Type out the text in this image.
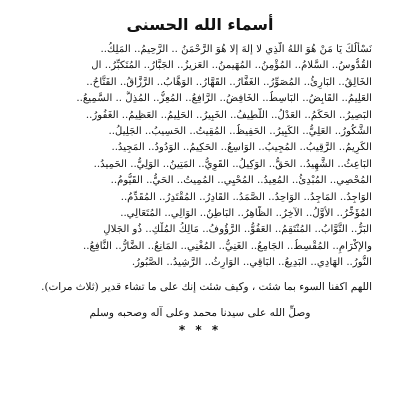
أسماء الله الحسنى
نَسْأَلُكَ يَا مَنْ هُوَ اللهُ الَّذِي لا إلهَ إلا هُوَ الرَّحْمَنُ .. الرَّحِيمُ.. المَلِكُ..
القُدُّوسُ.. السَّلامُ.. المُؤْمِنُ.. المُهَيمنُ.. العَزيزُ.. الجَبَّارُ.. المُتَكبِّرُ.. ال
الخَالِقُ.. البَارِئُ.. المُصَوِّرُ.. الغَفَّارُ.. القَهَّارُ.. الوَهَّابُ.. الرَّزَّاقُ.. الفَتَّاحُ..
العَلِيمُ.. القَابِضُ.. البَاسِطُ.. الخَافِضُ.. الرَّافِعُ.. المُعِزُّ.. المُذِلُّ .. السَّمِيعُ..
البَصِيرُ.. الحَكَمُ.. العَدْلُ.. اللَّطِيفُ.. الخَبِيرُ.. الحَلِيمُ.. العَظِيمُ.. الغَفُورُ..
الشَّكُورُ.. العَلِيُّ.. الكَبِيرُ.. الحَفِيظُ.. المُقِيتُ.. الحَسِيبُ.. الجَلِيلُ..
الكَرِيمُ.. الرَّقِيبُ.. المُجِيبُ.. الوَاسِعُ.. الحَكِيمُ.. الوَدُودُ.. المَجِيدُ..
البَاعِثُ.. الشَّهِيدُ.. الحَقُّ.. الوَكِيلُ.. القَوِيُّ.. المَتِينُ.. الوَلِيُّ.. الحَمِيدُ..
المُحْصِي.. المُبْدِئُ.. المُعِيدُ.. المُحْيِي.. المُمِيتُ.. الحَيُّ.. القَيُّومُ..
الوَاجِدُ.. المَاجِدُ.. الوَاحِدُ.. الصَّمَدُ.. القَادِرُ.. المُقْتَدِرُ.. المُقَدِّمُ..
المُؤَخِّرُ.. الأَوَّلُ.. الآخِرُ.. الظَّاهِرُ.. البَاطِنُ.. الوَالِي.. المُتَعَالِي..
البَرُّ.. التَّوَّابُ.. المُنْتَقِمُ.. العَفُوُّ.. الرَّؤُوفُ.. مَالِكُ المُلْكِ.. ذُو الجَلالِ
والإكْرَامِ.. المُقْسِطُ.. الجَامِعُ.. الغَنِيُّ.. المُغْنِي.. المَانِعُ.. الضَّارُّ.. النَّافِعُ..
النُّورُ.. الهَادِي.. البَدِيعُ.. البَاقِي.. الوَارِثُ.. الرَّشِيدُ.. الصَّبُورُ.

اللهم اكفنا السوء بما شئت ، وكيف شئت إنك على ما تشاء قدير (ثلاث مرات).

وصلِّ الله على سيدنا محمد وعلى آله وصحبه وسلم

* * *
